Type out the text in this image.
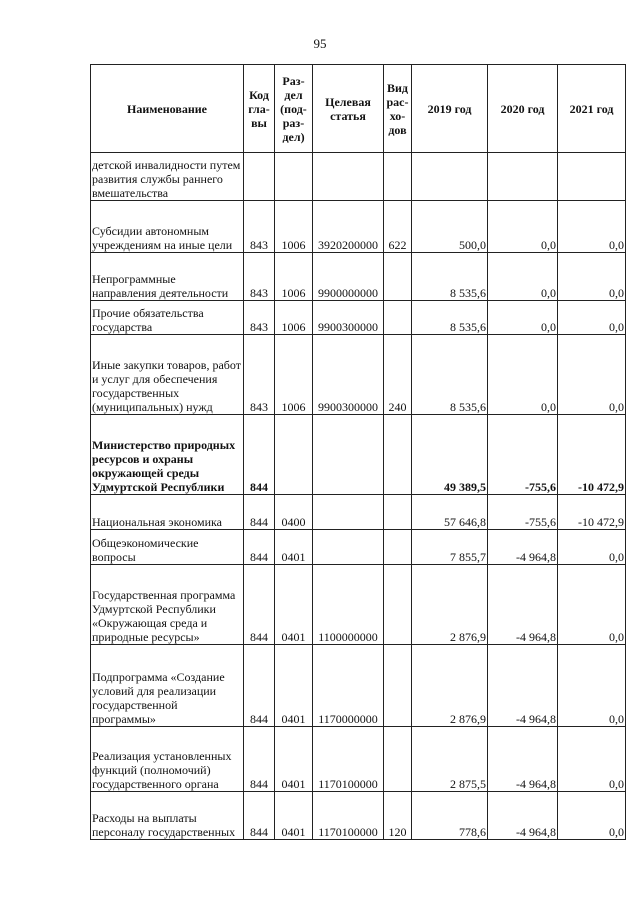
95
Наименование	Код гла- вы	Раз- дел (под- раз- дел)	Целевая статья	Вид рас- хо- дов	2019 год	2020 год	2021 год
детской инвалидности путем развития службы раннего вмешательства							
Субсидии автономным учреждениям на иные цели	843	1006	3920200000	622	500,0	0,0	0,0
Непрограммные направления деятельности	843	1006	9900000000		8 535,6	0,0	0,0
Прочие обязательства государства	843	1006	9900300000		8 535,6	0,0	0,0
Иные закупки товаров, работ и услуг для обеспечения государственных (муниципальных) нужд	843	1006	9900300000	240	8 535,6	0,0	0,0
Министерство природных ресурсов и охраны окружающей среды Удмуртской Республики	844				49 389,5	-755,6	-10 472,9
Национальная экономика	844	0400			57 646,8	-755,6	-10 472,9
Общеэкономические вопросы	844	0401			7 855,7	-4 964,8	0,0
Государственная программа Удмуртской Республики «Окружающая среда и природные ресурсы»	844	0401	1100000000		2 876,9	-4 964,8	0,0
Подпрограмма «Создание условий для реализации государственной программы»	844	0401	1170000000		2 876,9	-4 964,8	0,0
Реализация установленных функций (полномочий) государственного органа	844	0401	1170100000		2 875,5	-4 964,8	0,0
Расходы на выплаты персоналу государственных	844	0401	1170100000	120	778,6	-4 964,8	0,0
